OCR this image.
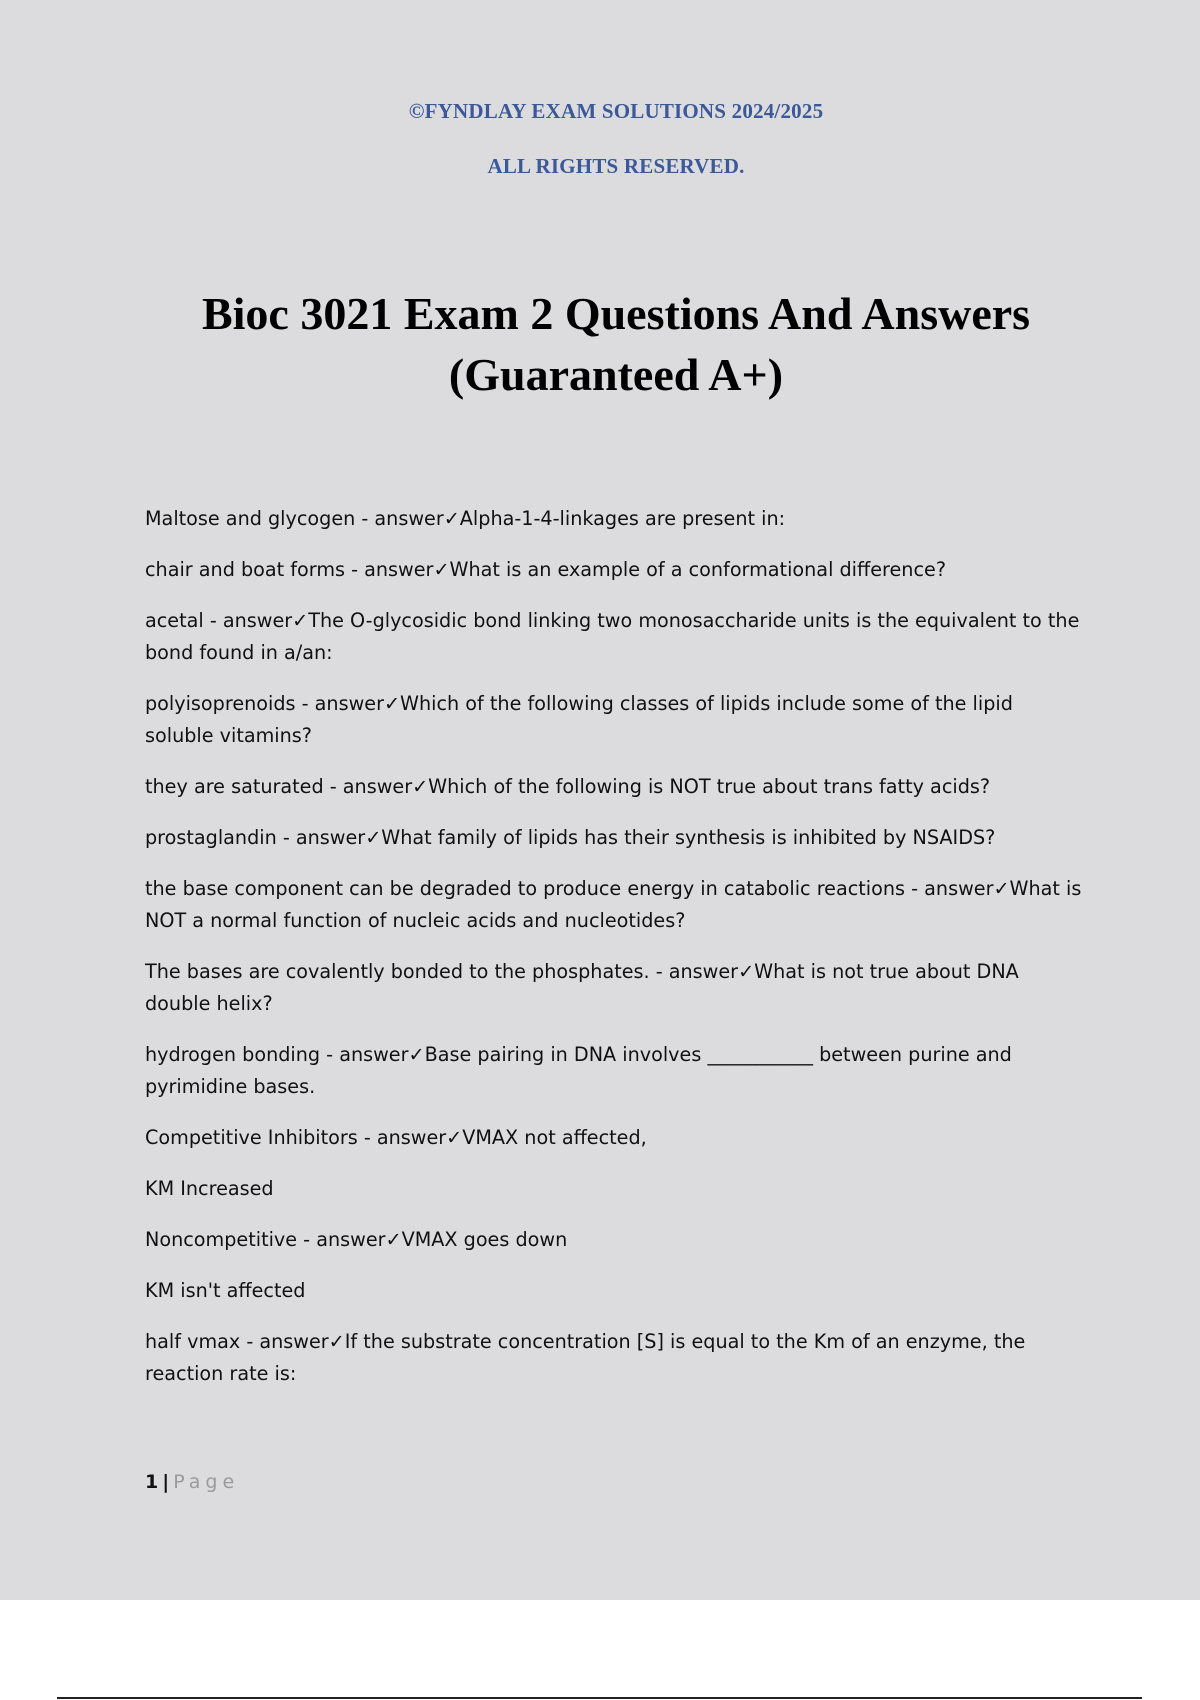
©FYNDLAY EXAM SOLUTIONS 2024/2025
ALL RIGHTS RESERVED.
Bioc 3021 Exam 2 Questions And Answers (Guaranteed A+)

Maltose and glycogen - answer✓Alpha-1-4-linkages are present in:

chair and boat forms - answer✓What is an example of a conformational difference?

acetal - answer✓The O-glycosidic bond linking two monosaccharide units is the equivalent to the bond found in a/an:

polyisoprenoids - answer✓Which of the following classes of lipids include some of the lipid soluble vitamins?

they are saturated - answer✓Which of the following is NOT true about trans fatty acids?

prostaglandin - answer✓What family of lipids has their synthesis is inhibited by NSAIDS?

the base component can be degraded to produce energy in catabolic reactions - answer✓What is NOT a normal function of nucleic acids and nucleotides?

The bases are covalently bonded to the phosphates. - answer✓What is not true about DNA double helix?

hydrogen bonding - answer✓Base pairing in DNA involves ___________ between purine and pyrimidine bases.

Competitive Inhibitors - answer✓VMAX not affected,

KM Increased

Noncompetitive - answer✓VMAX goes down

KM isn't affected

half vmax - answer✓If the substrate concentration [S] is equal to the Km of an enzyme, the reaction rate is:

1 | Page
